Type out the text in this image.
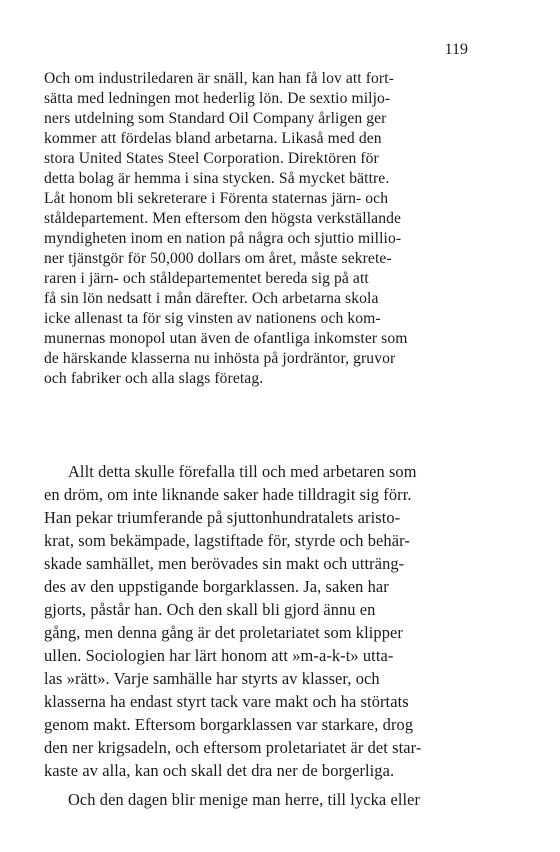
119
Och om industriledaren är snäll, kan han få lov att fort-
sätta med ledningen mot hederlig lön. De sextio miljo-
ners utdelning som Standard Oil Company årligen ger
kommer att fördelas bland arbetarna. Likaså med den
stora United States Steel Corporation. Direktören för
detta bolag är hemma i sina stycken. Så mycket bättre.
Låt honom bli sekreterare i Förenta staternas järn- och
ståldepartement. Men eftersom den högsta verkställande
myndigheten inom en nation på några och sjuttio millio-
ner tjänstgör för 50,000 dollars om året, måste sekrete-
raren i järn- och ståldepartementet bereda sig på att
få sin lön nedsatt i mån därefter. Och arbetarna skola
icke allenast ta för sig vinsten av nationens och kom-
munernas monopol utan även de ofantliga inkomster som
de härskande klasserna nu inhösta på jordräntor, gruvor
och fabriker och alla slags företag.
Allt detta skulle förefalla till och med arbetaren som
en dröm, om inte liknande saker hade tilldragit sig förr.
Han pekar triumferande på sjuttonhundratalets aristo-
krat, som bekämpade, lagstiftade för, styrde och behär-
skade samhället, men berövades sin makt och utträng-
des av den uppstigande borgarklassen. Ja, saken har
gjorts, påstår han. Och den skall bli gjord ännu en
gång, men denna gång är det proletariatet som klipper
ullen. Sociologien har lärt honom att »m-a-k-t» utta-
las »rätt». Varje samhälle har styrts av klasser, och
klasserna ha endast styrt tack vare makt och ha störtats
genom makt. Eftersom borgarklassen var starkare, drog
den ner krigsadeln, och eftersom proletariatet är det star-
kaste av alla, kan och skall det dra ner de borgerliga.
Och den dagen blir menige man herre, till lycka eller
